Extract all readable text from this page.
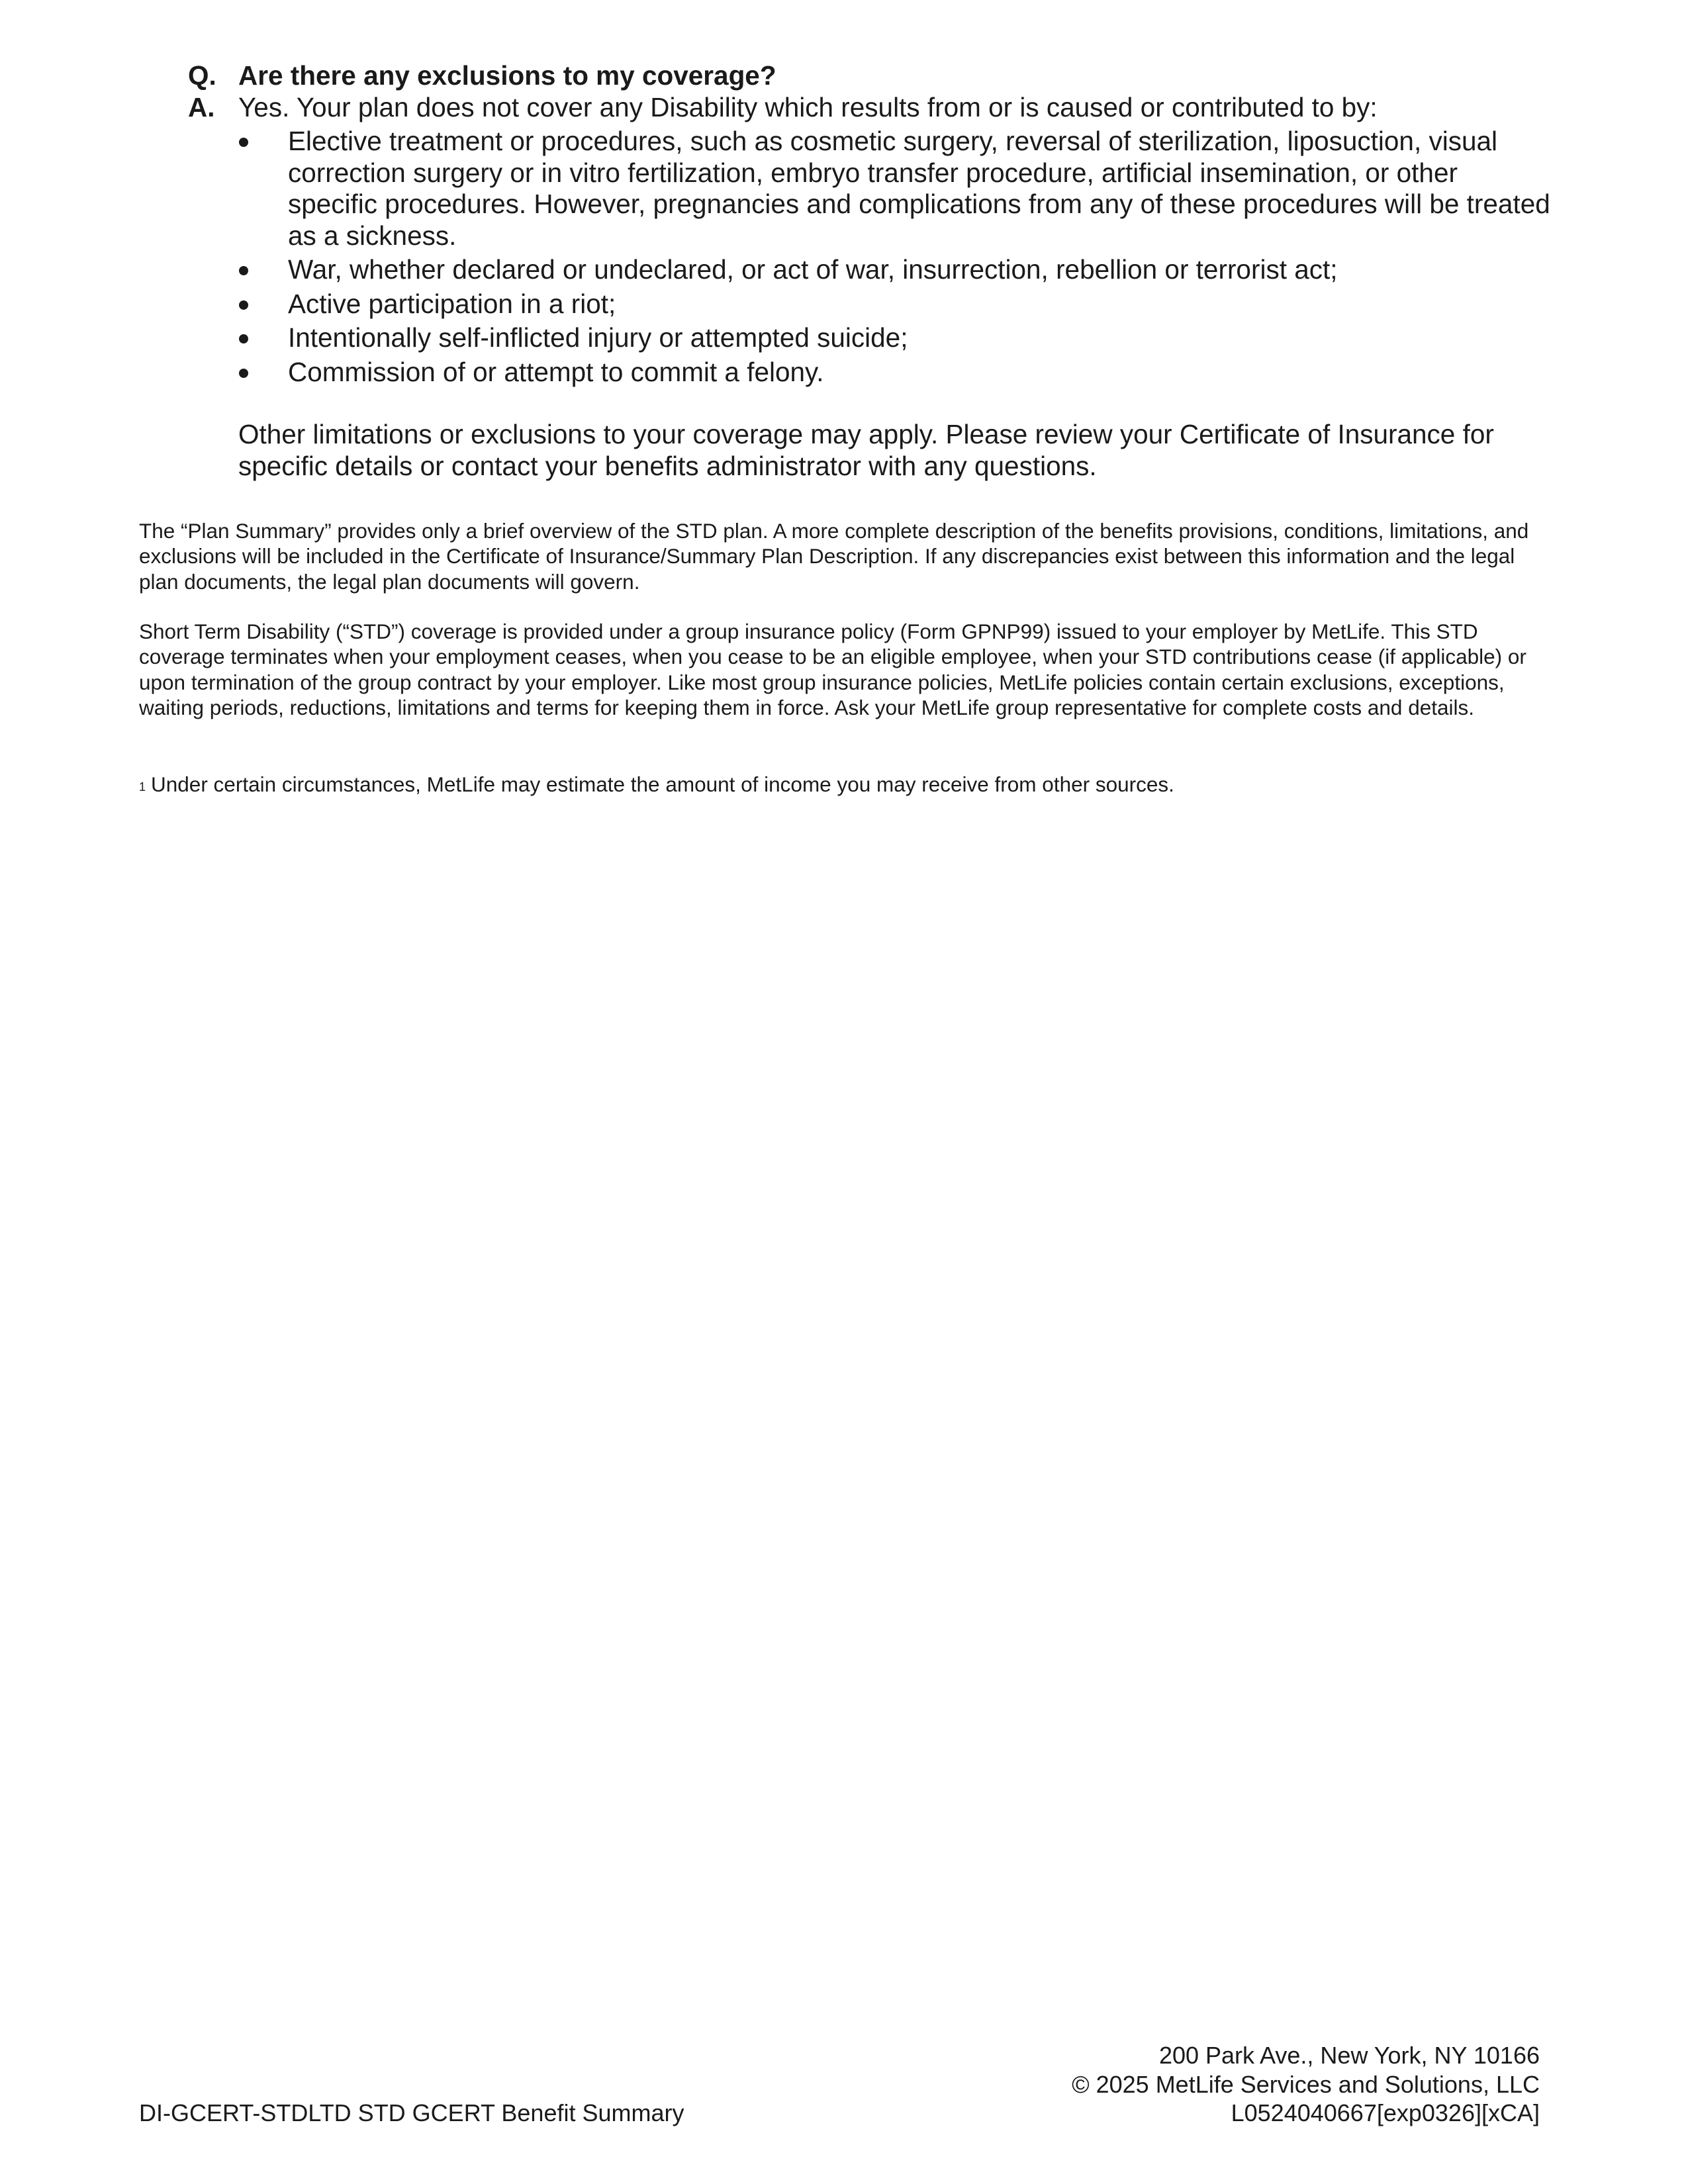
Q. Are there any exclusions to my coverage?
A. Yes. Your plan does not cover any Disability which results from or is caused or contributed to by:
Elective treatment or procedures, such as cosmetic surgery, reversal of sterilization, liposuction, visual correction surgery or in vitro fertilization, embryo transfer procedure, artificial insemination, or other specific procedures. However, pregnancies and complications from any of these procedures will be treated as a sickness.
War, whether declared or undeclared, or act of war, insurrection, rebellion or terrorist act;
Active participation in a riot;
Intentionally self-inflicted injury or attempted suicide;
Commission of or attempt to commit a felony.
Other limitations or exclusions to your coverage may apply. Please review your Certificate of Insurance for specific details or contact your benefits administrator with any questions.

The “Plan Summary” provides only a brief overview of the STD plan. A more complete description of the benefits provisions, conditions, limitations, and exclusions will be included in the Certificate of Insurance/Summary Plan Description. If any discrepancies exist between this information and the legal plan documents, the legal plan documents will govern.

Short Term Disability (“STD”) coverage is provided under a group insurance policy (Form GPNP99) issued to your employer by MetLife. This STD coverage terminates when your employment ceases, when you cease to be an eligible employee, when your STD contributions cease (if applicable) or upon termination of the group contract by your employer. Like most group insurance policies, MetLife policies contain certain exclusions, exceptions, waiting periods, reductions, limitations and terms for keeping them in force. Ask your MetLife group representative for complete costs and details.

$^1$ Under certain circumstances, MetLife may estimate the amount of income you may receive from other sources.

DI-GCERT-STDLTD STD GCERT Benefit Summary
200 Park Ave., New York, NY 10166
© 2025 MetLife Services and Solutions, LLC
L0524040667[exp0326][xCA]
